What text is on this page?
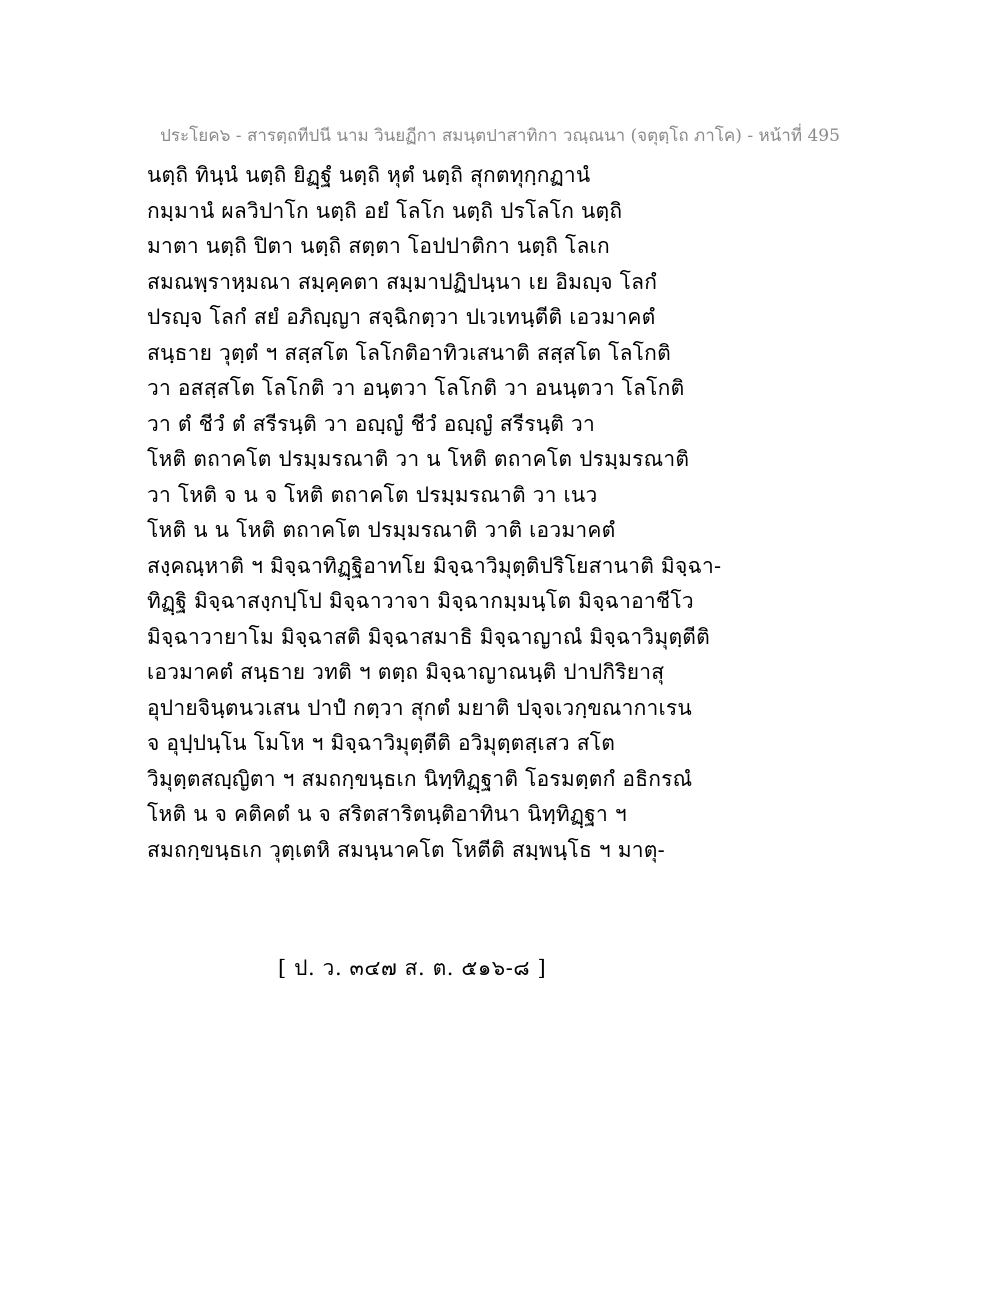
ประโยค๖ - สารตฺถทีปนี นาม วินยฏีกา สมนฺตปาสาทิกา วณฺณนา (จตุตฺโถ ภาโค) - หน้าที่ 495
นตฺถิ ทินฺนํ นตฺถิ ยิฏฺฐํ นตฺถิ หุตํ นตฺถิ สุกตทุกฺกฏานํ
กมฺมานํ ผลวิปาโก นตฺถิ อยํ โลโก นตฺถิ ปรโลโก นตฺถิ
มาตา นตฺถิ ปิตา นตฺถิ สตฺตา โอปปาติกา นตฺถิ โลเก
สมณพฺราหฺมณา สมฺคฺคตา สมฺมาปฏิปนฺนา เย อิมญฺจ โลกํ
ปรญฺจ โลกํ สยํ อภิญฺญา สจฺฉิกตฺวา ปเวเทนฺตีติ เอวมาคตํ
สนฺธาย วุตฺตํ ฯ สสฺสโต โลโกติอาทิวเสนาติ สสฺสโต โลโกติ
วา อสสฺสโต โลโกติ วา อนฺตวา โลโกติ วา อนนฺตวา โลโกติ
วา ตํ ชีวํ ตํ สรีรนฺติ วา อญฺญํ ชีวํ อญฺญํ สรีรนฺติ วา
โหติ ตถาคโต ปรมฺมรณาติ วา น โหติ ตถาคโต ปรมฺมรณาติ
วา โหติ จ น จ โหติ ตถาคโต ปรมฺมรณาติ วา เนว
โหติ น น โหติ ตถาคโต ปรมฺมรณาติ วาติ เอวมาคตํ
สงฺคณฺหาติ ฯ มิจฺฉาทิฏฺฐิอาทโย มิจฺฉาวิมุตฺติปริโยสานาติ มิจฺฉา-
ทิฏฺฐิ มิจฺฉาสงฺกปฺโป มิจฺฉาวาจา มิจฺฉากมฺมนฺโต มิจฺฉาอาชีโว
มิจฺฉาวายาโม มิจฺฉาสติ มิจฺฉาสมาธิ มิจฺฉาญาณํ มิจฺฉาวิมุตฺตีติ
เอวมาคตํ สนฺธาย วทติ ฯ ตตฺถ มิจฺฉาญาณนฺติ ปาปกิริยาสุ
อุปายจินฺตนวเสน ปาปํ กตฺวา สุกตํ มยาติ ปจฺจเวกฺขณากาเรน
จ อุปฺปนฺโน โมโห ฯ มิจฺฉาวิมุตฺตีติ อวิมุตฺตสฺเสว สโต
วิมุตฺตสญฺญิตา ฯ สมถกฺขนฺธเก นิทฺทิฏฺฐาติ โอรมตฺตกํ อธิกรณํ
โหติ น จ คติคตํ น จ สริตสาริตนฺติอาทินา นิทฺทิฏฺฐา ฯ
สมถกฺขนฺธเก วุตฺเตหิ สมนฺนาคโต โหตีติ สมฺพนฺโธ ฯ มาตุ-
[ ป. ว. ๓๔๗ ส. ต. ๕๑๖-๘ ]
